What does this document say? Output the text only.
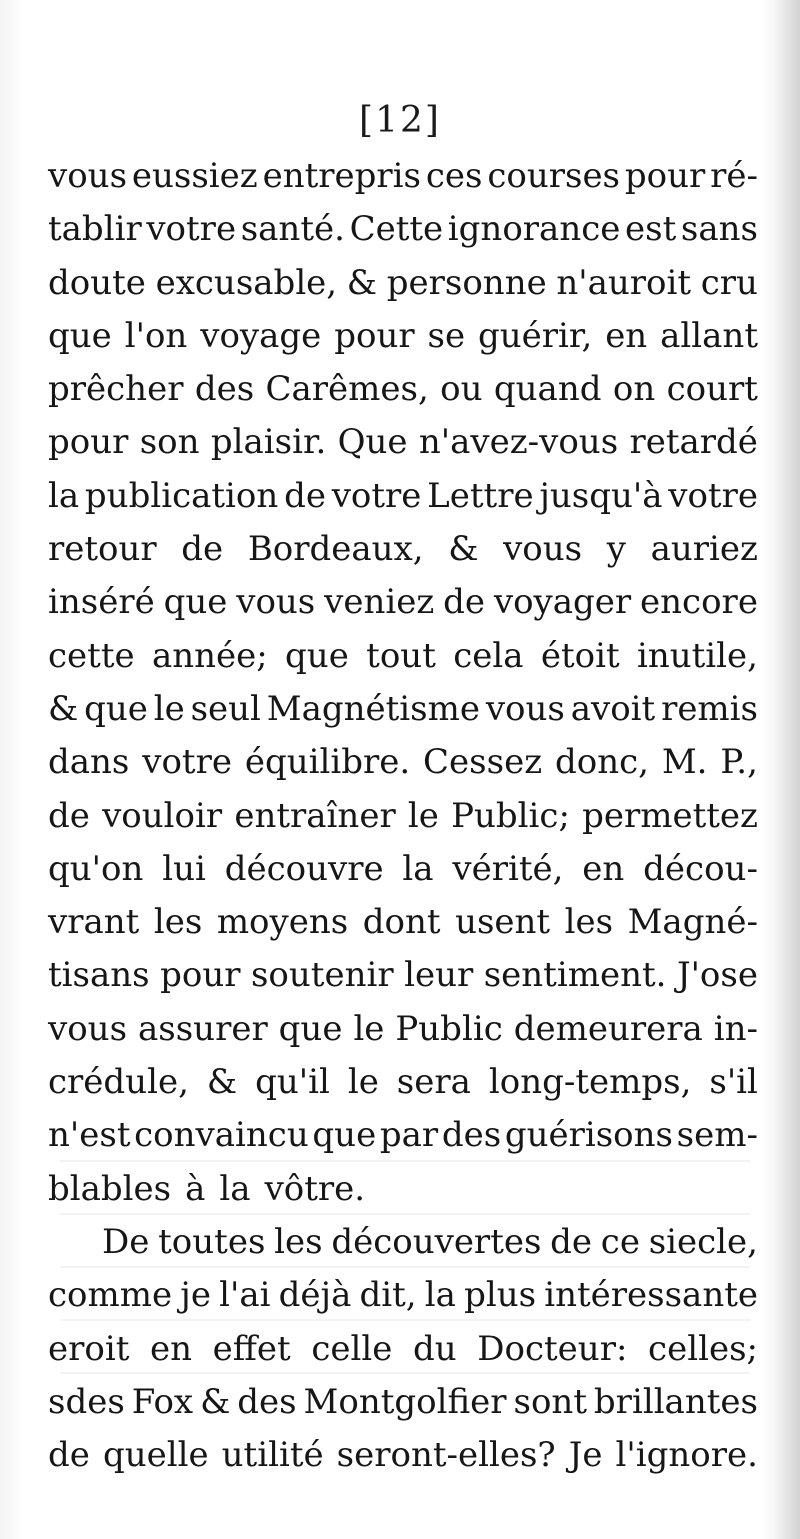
[12]
vous eussiez entrepris ces courses pour ré-
tablir votre santé. Cette ignorance est sans
doute excusable, & personne n'auroit cru
que l'on voyage pour se guérir, en allant
prêcher des Carêmes, ou quand on court
pour son plaisir. Que n'avez-vous retardé
la publication de votre Lettre jusqu'à votre
retour de Bordeaux, & vous y auriez
inséré que vous veniez de voyager encore
cette année; que tout cela étoit inutile,
& que le seul Magnétisme vous avoit remis
dans votre équilibre. Cessez donc, M. P.,
de vouloir entraîner le Public; permettez
qu'on lui découvre la vérité, en décou-
vrant les moyens dont usent les Magné-
tisans pour soutenir leur sentiment. J'ose
vous assurer que le Public demeurera in-
crédule, & qu'il le sera long-temps, s'il
n'est convaincu que par des guérisons sem-
blables à la vôtre.
De toutes les découvertes de ce siecle,
comme je l'ai déjà dit, la plus intéressante
eroit en effet celle du Docteur: celles;
sdes Fox & des Montgolfier sont brillantes
de quelle utilité seront-elles? Je l'ignore.
